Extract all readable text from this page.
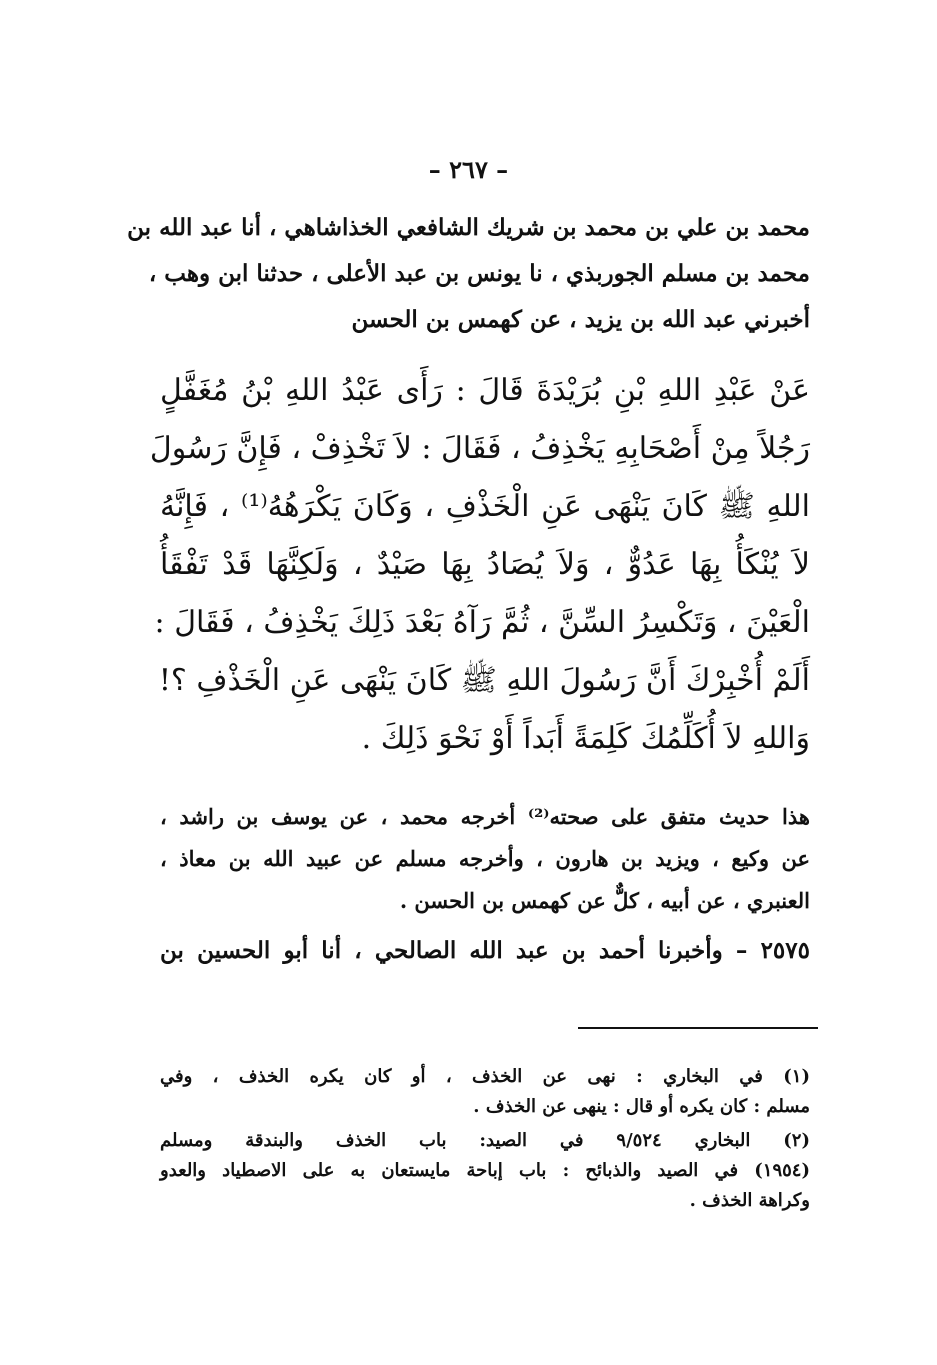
– ٢٦٧ –
محمد بن علي بن محمد بن شريك الشافعي الخذاشاهي ، أنا عبد الله بن
محمد بن مسلم الجوربذي ، نا يونس بن عبد الأعلى ، حدثنا ابن وهب ،
أخبرني عبد الله بن يزيد ، عن كهمس بن الحسن
عَنْ عَبْدِ اللهِ بْنِ بُرَيْدَةَ قَالَ : رَأَى عَبْدُ اللهِ بْنُ مُغَفَّلٍ
رَجُلاً مِنْ أَصْحَابِهِ يَخْذِفُ ، فَقَالَ : لاَ تَخْذِفْ ، فَإِنَّ رَسُولَ
اللهِ ﷺ كَانَ يَنْهَى عَنِ الْخَذْفِ ، وَكَانَ يَكْرَهُهُ⁽¹⁾ ، فَإِنَّهُ
لاَ يُنْكَأُ بِهَا عَدُوٌّ ، وَلاَ يُصَادُ بِهَا صَيْدٌ ، وَلَكِنَّهَا قَدْ تَفْقَأُ
الْعَيْنَ ، وَتَكْسِرُ السِّنَّ ، ثُمَّ رَآهُ بَعْدَ ذَلِكَ يَخْذِفُ ، فَقَالَ :
أَلَمْ أُخْبِرْكَ أَنَّ رَسُولَ اللهِ ﷺ كَانَ يَنْهَى عَنِ الْخَذْفِ ؟!
وَاللهِ لاَ أُكَلِّمُكَ كَلِمَةً أَبَداً أَوْ نَحْوَ ذَلِكَ .
هذا حديث متفق على صحته⁽²⁾ أخرجه محمد ، عن يوسف بن راشد ،
عن وكيع ، ويزيد بن هارون ، وأخرجه مسلم عن عبيد الله بن معاذ ،
العنبري ، عن أبيه ، كلٌّ عن كهمس بن الحسن .
٢٥٧٥ – وأخبرنا أحمد بن عبد الله الصالحي ، أنا أبو الحسين بن
(١) في البخاري : نهى عن الخذف ، أو كان يكره الخذف ، وفي
مسلم : كان يكره أو قال : ينهى عن الخذف .
(٢) البخاري ٩/٥٢٤ في الصيد: باب الخذف والبندقة ومسلم
(١٩٥٤) في الصيد والذبائح : باب إباحة مايستعان به على الاصطياد والعدو
وكراهة الخذف .
